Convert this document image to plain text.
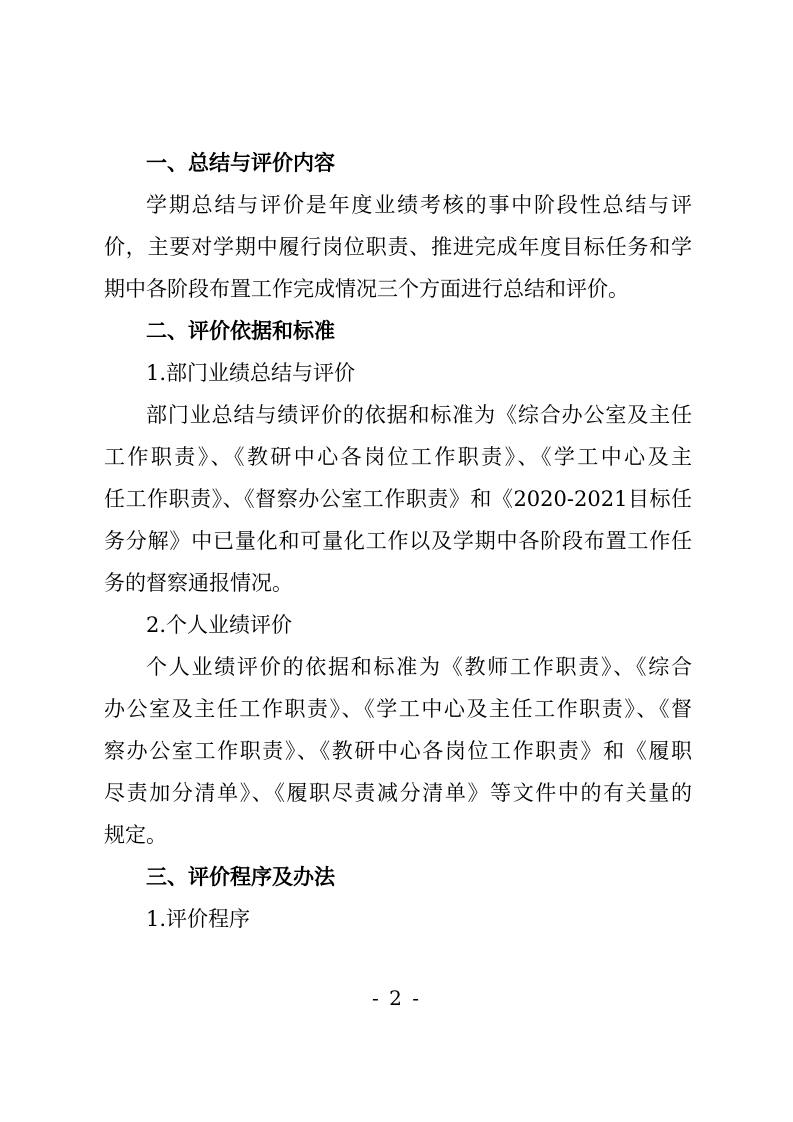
一、总结与评价内容
学期总结与评价是年度业绩考核的事中阶段性总结与评
价，主要对学期中履行岗位职责、推进完成年度目标任务和学
期中各阶段布置工作完成情况三个方面进行总结和评价。
二、评价依据和标准
1.部门业绩总结与评价
部门业总结与绩评价的依据和标准为《综合办公室及主任
工作职责》、《教研中心各岗位工作职责》、《学工中心及主
任工作职责》、《督察办公室工作职责》和《2020-2021目标任
务分解》中已量化和可量化工作以及学期中各阶段布置工作任
务的督察通报情况。
2.个人业绩评价
个人业绩评价的依据和标准为《教师工作职责》、《综合
办公室及主任工作职责》、《学工中心及主任工作职责》、《督
察办公室工作职责》、《教研中心各岗位工作职责》和《履职
尽责加分清单》、《履职尽责减分清单》等文件中的有关量的
规定。
三、评价程序及办法
1.评价程序
- 2 -
